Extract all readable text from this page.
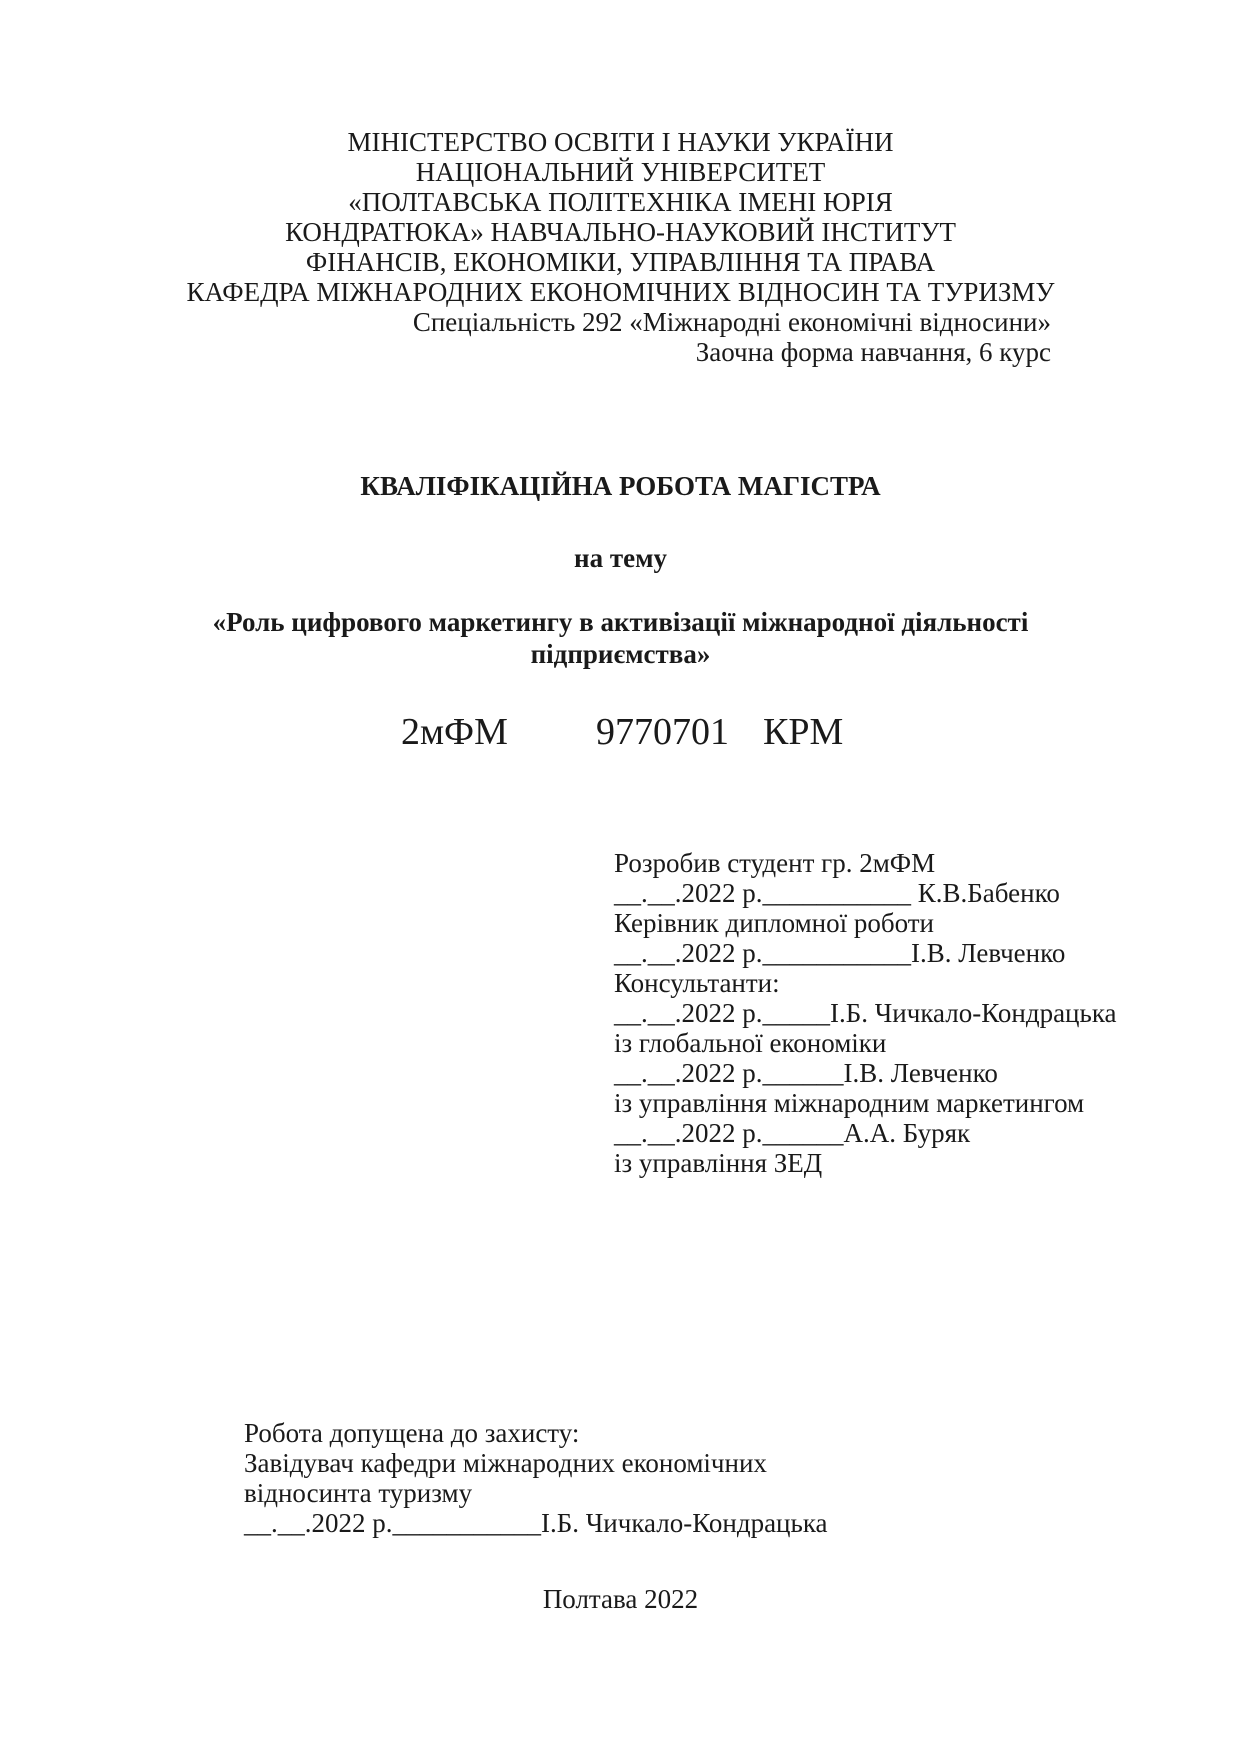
МІНІСТЕРСТВО ОСВІТИ І НАУКИ УКРАЇНИ
НАЦІОНАЛЬНИЙ УНІВЕРСИТЕТ
«ПОЛТАВСЬКА ПОЛІТЕХНІКА ІМЕНІ ЮРІЯ
КОНДРАТЮКА» НАВЧАЛЬНО-НАУКОВИЙ ІНСТИТУТ
ФІНАНСІВ, ЕКОНОМІКИ, УПРАВЛІННЯ ТА ПРАВА
КАФЕДРА МІЖНАРОДНИХ ЕКОНОМІЧНИХ ВІДНОСИН ТА ТУРИЗМУ
Спеціальність 292 «Міжнародні економічні відносини»
Заочна форма навчання, 6 курс
КВАЛІФІКАЦІЙНА РОБОТА МАГІСТРА
на тему
«Роль цифрового маркетингу в активізації міжнародної діяльності
підприємства»
2мФМ 9770701 КРМ
Розробив студент гр. 2мФМ
__.__.2022 р.___________ К.В.Бабенко
Керівник дипломної роботи
__.__.2022 р.___________І.В. Левченко
Консультанти:
__.__.2022 р._____І.Б. Чичкало-Кондрацька
із глобальної економіки
__.__.2022 р.______І.В. Левченко
із управління міжнародним маркетингом
__.__.2022 р.______А.А. Буряк
із управління ЗЕД
Робота допущена до захисту:
Завідувач кафедри міжнародних економічних
відносинта туризму
__.__.2022 р.___________І.Б. Чичкало-Кондрацька
Полтава 2022
